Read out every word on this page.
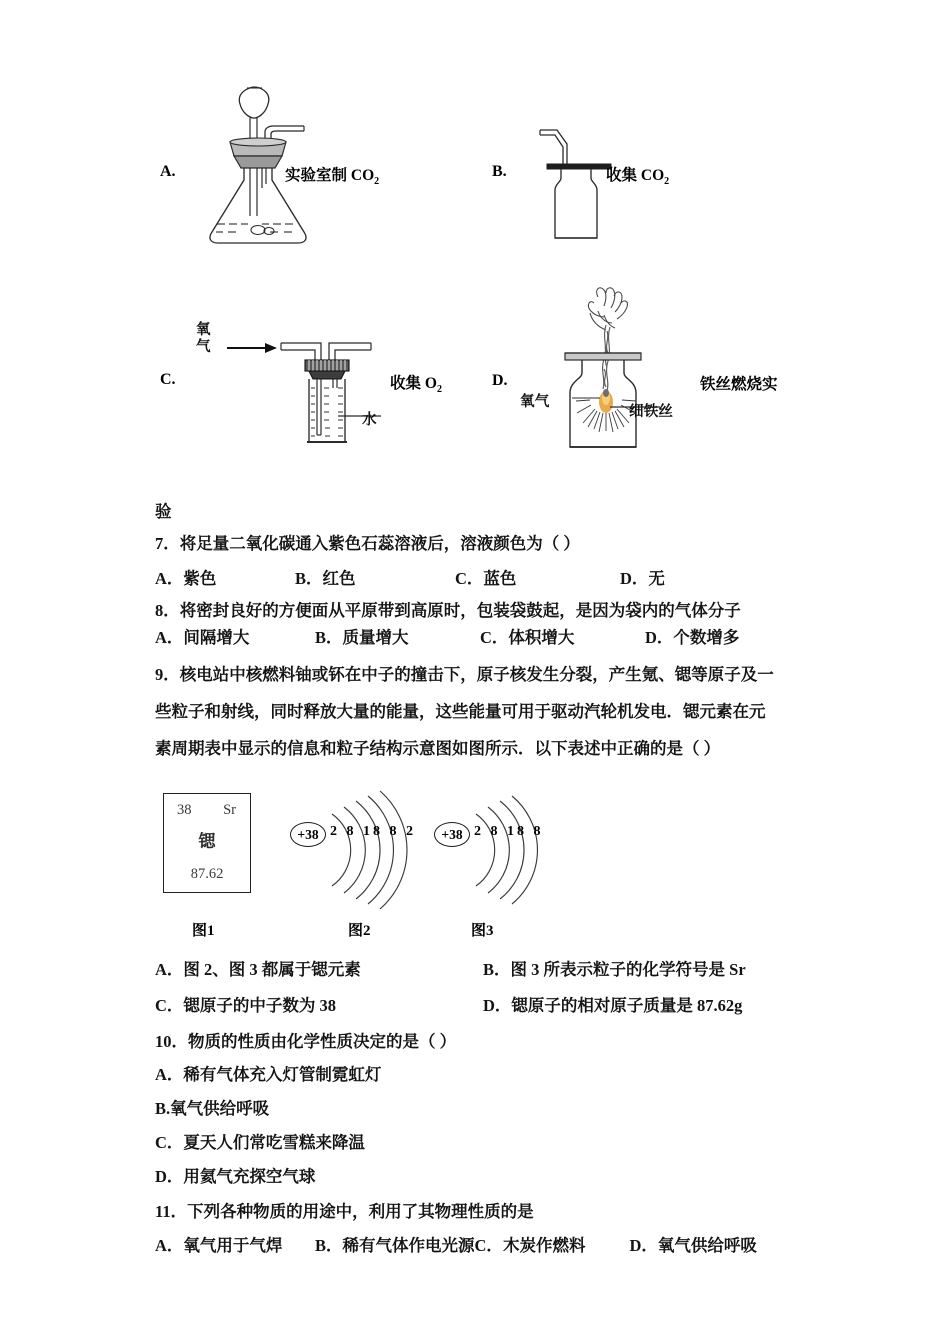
A.	实验室制 $CO_2$
B.	收集 $CO_2$
C.
氧气
水
收集 $O_2$
D.
氧气
细铁丝
铁丝燃烧实
验
7．将足量二氧化碳通入紫色石蕊溶液后，溶液颜色为（ ）
A．紫色	B．红色	C．蓝色	D．无
8．将密封良好的方便面从平原带到高原时，包装袋鼓起，是因为袋内的气体分子
A．间隔增大	B．质量增大	C．体积增大	D．个数增多
9．核电站中核燃料铀或钚在中子的撞击下，原子核发生分裂，产生氪、锶等原子及一
些粒子和射线，同时释放大量的能量，这些能量可用于驱动汽轮机发电．锶元素在元
素周期表中显示的信息和粒子结构示意图如图所示．以下表述中正确的是（ ）
38 Sr
锶
87.62
+38 2 8 18 8 2	+38 2 8 18 8
图1	图2	图3
A．图 2、图 3 都属于锶元素	B．图 3 所表示粒子的化学符号是 Sr
C．锶原子的中子数为 38	D．锶原子的相对原子质量是 87.62g
10．物质的性质由化学性质决定的是（ ）
A．稀有气体充入灯管制霓虹灯
B.氧气供给呼吸
C．夏天人们常吃雪糕来降温
D．用氦气充探空气球
11．下列各种物质的用途中，利用了其物理性质的是
A．氧气用于气焊 B．稀有气体作电光源C．木炭作燃料	D．氧气供给呼吸
